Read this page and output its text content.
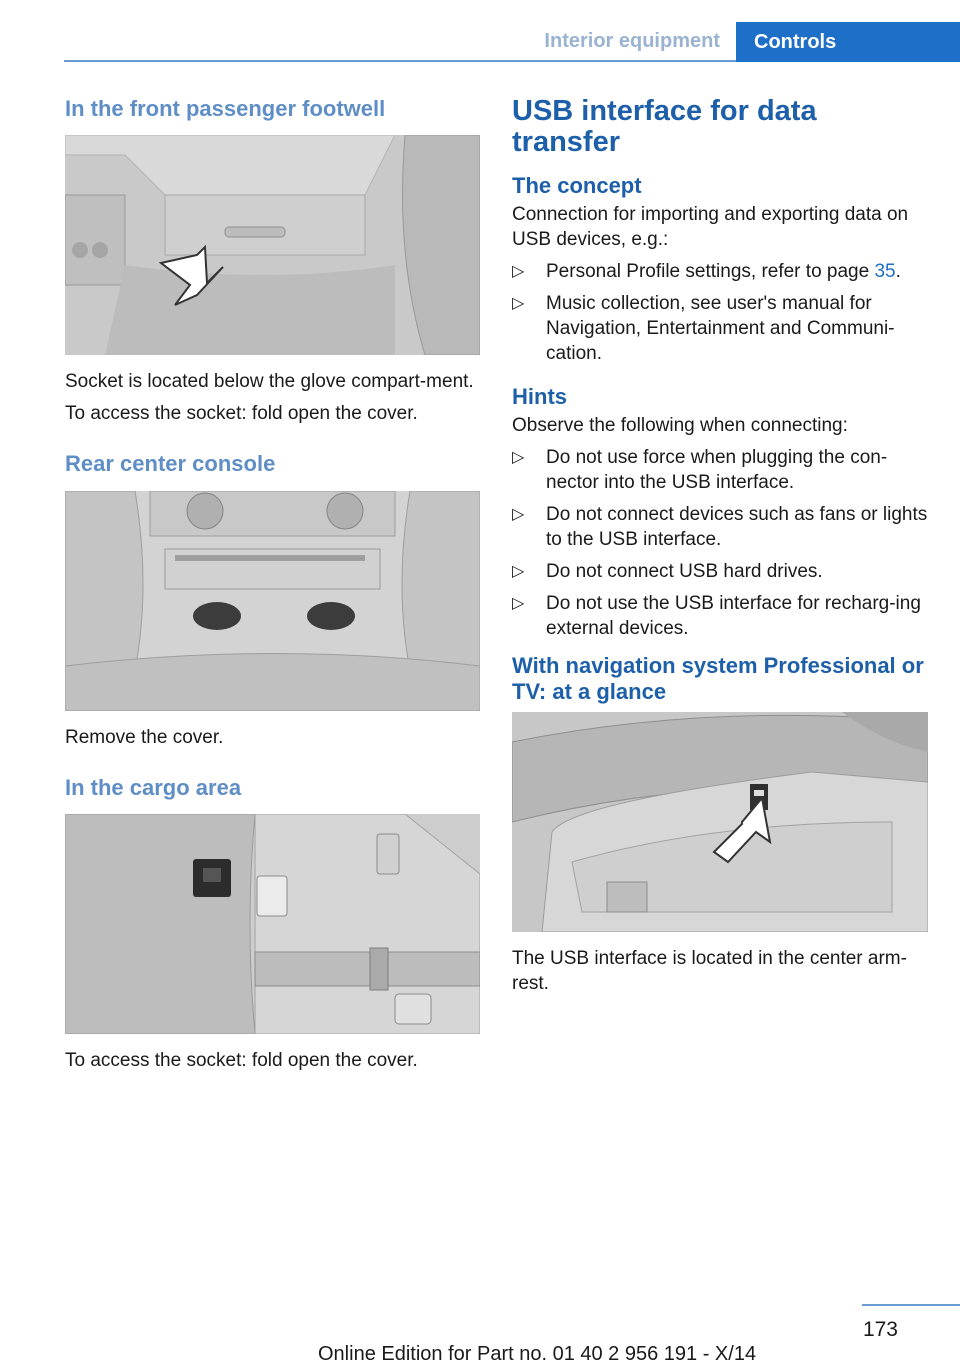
Interior equipment	Controls
In the front passenger footwell

Socket is located below the glove compart-ment.

To access the socket: fold open the cover.

Rear center console

Remove the cover.

In the cargo area

To access the socket: fold open the cover.

USB interface for data transfer
The concept

Connection for importing and exporting data on USB devices, e.g.:

▷ Personal Profile settings, refer to page 35.
▷ Music collection, see user's manual for Navigation, Entertainment and Communi-cation.
Hints

Observe the following when connecting:

▷ Do not use force when plugging the con-nector into the USB interface.
▷ Do not connect devices such as fans or lights to the USB interface.
▷ Do not connect USB hard drives.
▷ Do not use the USB interface for recharg-ing external devices.
With navigation system Professional or TV: at a glance

The USB interface is located in the center arm-rest.

173
Online Edition for Part no. 01 40 2 956 191 - X/14
